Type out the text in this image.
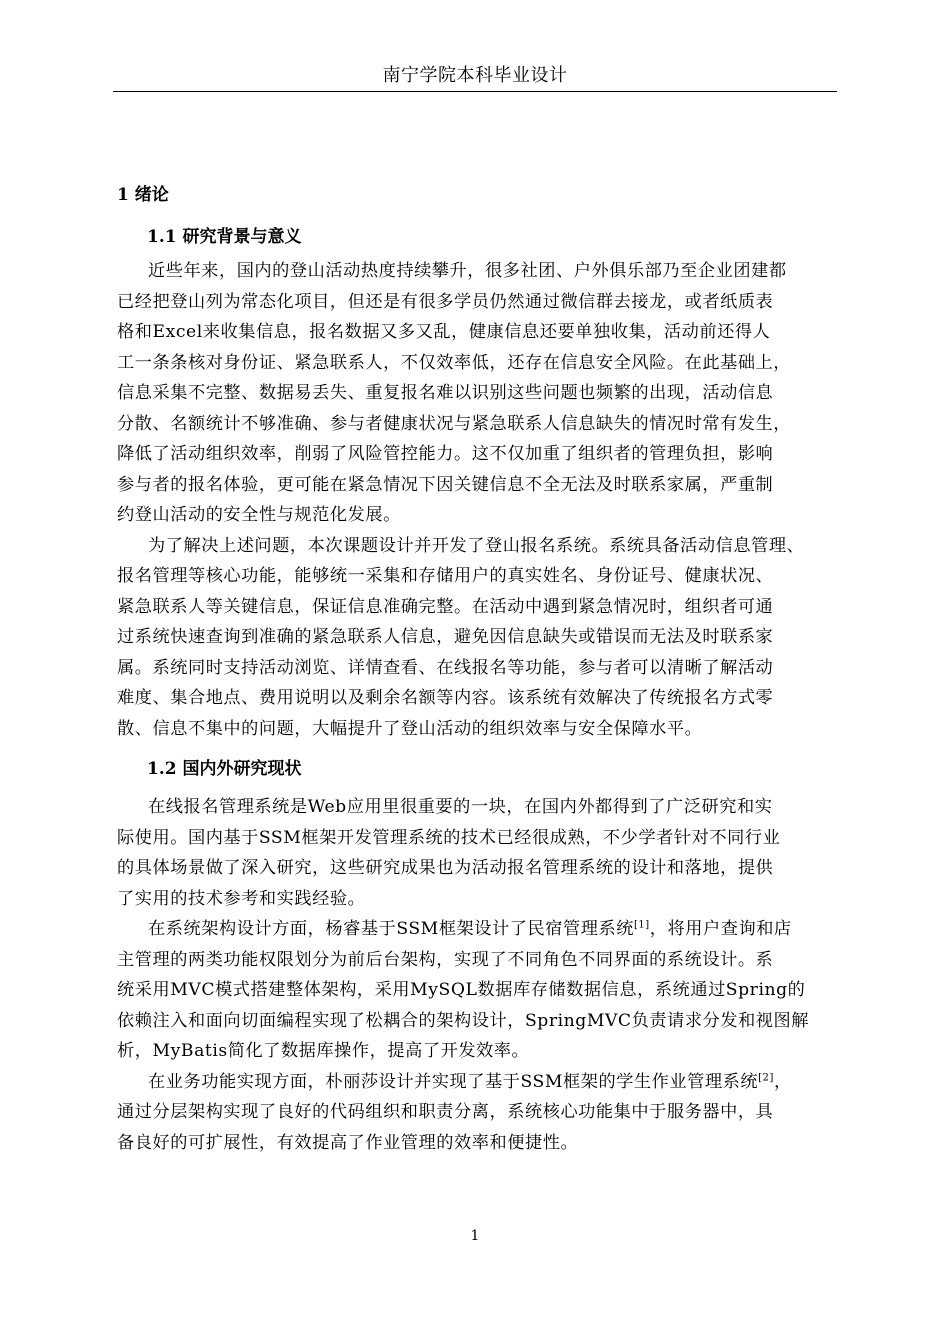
南宁学院本科毕业设计
1 绪论
1.1 研究背景与意义
近些年来，国内的登山活动热度持续攀升，很多社团、户外俱乐部乃至企业团建都
已经把登山列为常态化项目，但还是有很多学员仍然通过微信群去接龙，或者纸质表
格和Excel来收集信息，报名数据又多又乱，健康信息还要单独收集，活动前还得人
工一条条核对身份证、紧急联系人，不仅效率低，还存在信息安全风险。在此基础上，
信息采集不完整、数据易丢失、重复报名难以识别这些问题也频繁的出现，活动信息
分散、名额统计不够准确、参与者健康状况与紧急联系人信息缺失的情况时常有发生，
降低了活动组织效率，削弱了风险管控能力。这不仅加重了组织者的管理负担，影响
参与者的报名体验，更可能在紧急情况下因关键信息不全无法及时联系家属，严重制
约登山活动的安全性与规范化发展。
为了解决上述问题，本次课题设计并开发了登山报名系统。系统具备活动信息管理、
报名管理等核心功能，能够统一采集和存储用户的真实姓名、身份证号、健康状况、
紧急联系人等关键信息，保证信息准确完整。在活动中遇到紧急情况时，组织者可通
过系统快速查询到准确的紧急联系人信息，避免因信息缺失或错误而无法及时联系家
属。系统同时支持活动浏览、详情查看、在线报名等功能，参与者可以清晰了解活动
难度、集合地点、费用说明以及剩余名额等内容。该系统有效解决了传统报名方式零
散、信息不集中的问题，大幅提升了登山活动的组织效率与安全保障水平。
1.2 国内外研究现状
在线报名管理系统是Web应用里很重要的一块，在国内外都得到了广泛研究和实
际使用。国内基于SSM框架开发管理系统的技术已经很成熟，不少学者针对不同行业
的具体场景做了深入研究，这些研究成果也为活动报名管理系统的设计和落地，提供
了实用的技术参考和实践经验。
在系统架构设计方面，杨睿基于SSM框架设计了民宿管理系统[1]，将用户查询和店
主管理的两类功能权限划分为前后台架构，实现了不同角色不同界面的系统设计。系
统采用MVC模式搭建整体架构，采用MySQL数据库存储数据信息，系统通过Spring的
依赖注入和面向切面编程实现了松耦合的架构设计，SpringMVC负责请求分发和视图解
析，MyBatis简化了数据库操作，提高了开发效率。
在业务功能实现方面，朴丽莎设计并实现了基于SSM框架的学生作业管理系统[2]，
通过分层架构实现了良好的代码组织和职责分离，系统核心功能集中于服务器中，具
备良好的可扩展性，有效提高了作业管理的效率和便捷性。
1
